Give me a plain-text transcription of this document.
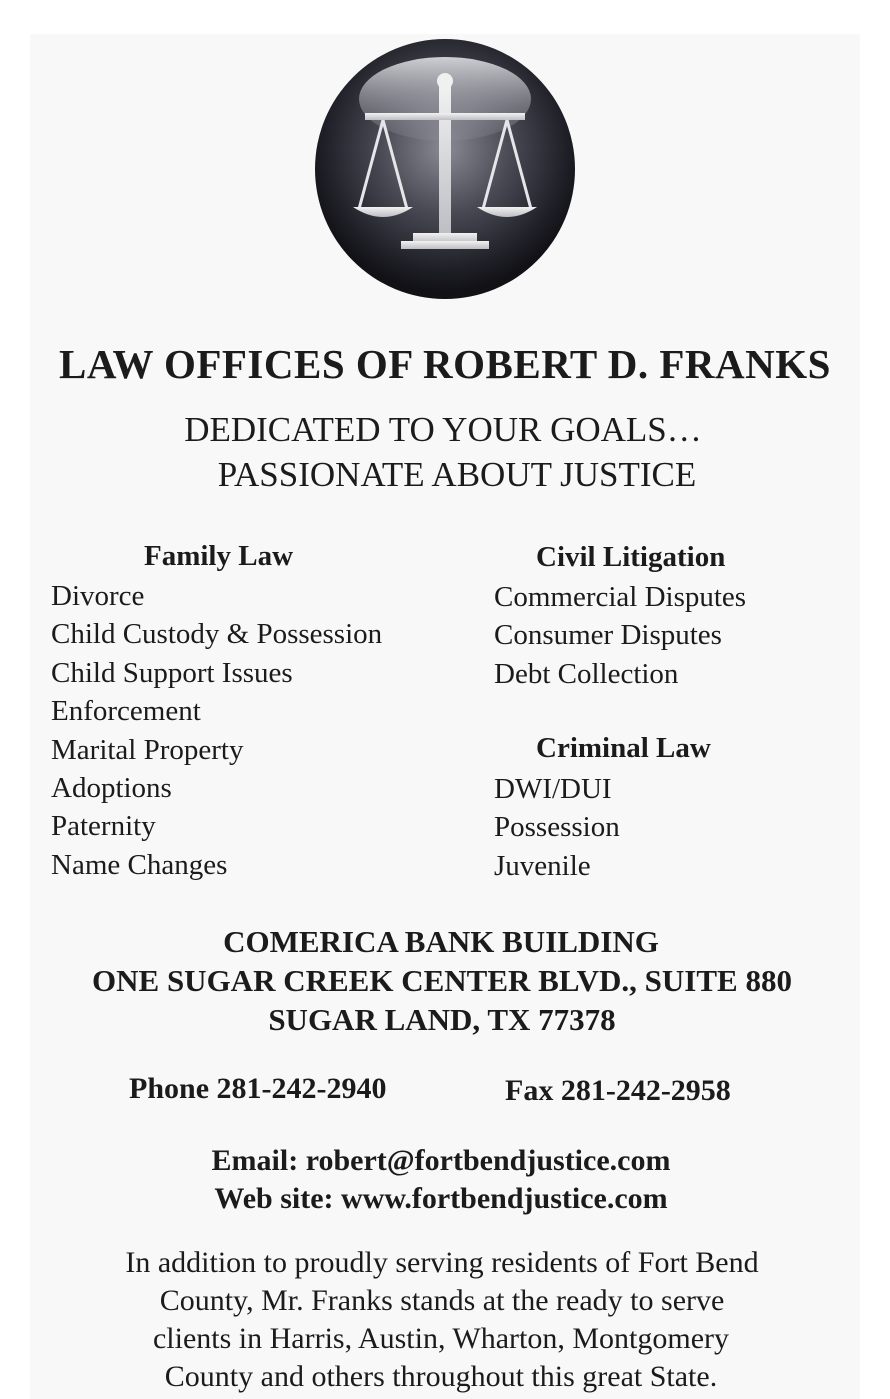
LAW OFFICES OF ROBERT D. FRANKS
DEDICATED TO YOUR GOALS…
PASSIONATE ABOUT JUSTICE
Family Law
Divorce
Child Custody & Possession
Child Support Issues
Enforcement
Marital Property
Adoptions
Paternity
Name Changes
Civil Litigation
Commercial Disputes
Consumer Disputes
Debt Collection
Criminal Law
DWI/DUI
Possession
Juvenile
COMERICA BANK BUILDING
ONE SUGAR CREEK CENTER BLVD., SUITE 880
SUGAR LAND, TX 77378
Phone 281-242-2940	Fax 281-242-2958
Email: robert@fortbendjustice.com
Web site: www.fortbendjustice.com
In addition to proudly serving residents of Fort Bend
County, Mr. Franks stands at the ready to serve
clients in Harris, Austin, Wharton, Montgomery
County and others throughout this great State.
